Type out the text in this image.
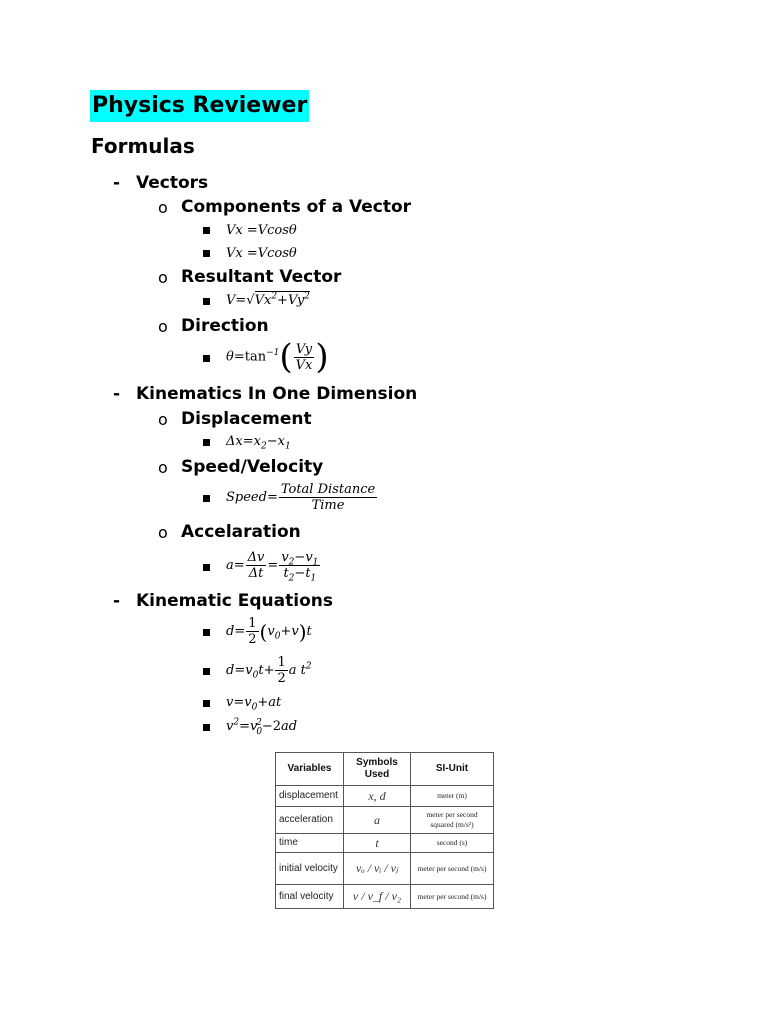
Physics Reviewer
Formulas
- Vectors
o Components of a Vector
Vx =Vcosθ
Vx =Vcosθ
o Resultant Vector
$V=√Vx^2+Vy^2$
o Direction
$\theta=\tan^{-1}( \frac{Vy}{Vx}$ )
- Kinematics In One Dimension
o Displacement
$\Delta x=x_2-x_1$
o Speed/Velocity
Speed= $\frac{\text{Total Distance}}{\text{Time}}$
o Accelaration
$a= \frac{\Delta v}{\Delta t} = \frac{v_2-v_1}{t_2-t_1}$
- Kinematic Equations
$d= \frac{1}{2} (v_0+v)t$
$d=v_0t+ \frac{1}{2}$ a $t^2$
$v=v_0+at$
$v^2=v_0^2-2ad$
Variables	Symbols Used	SI-Unit
displacement	x, d	meter (m)
acceleration	a	meter per second squared (m/s²)
time	t	second (s)
initial velocity	vₒ / vᵢ / vⱼ	meter per second (m/s)
final velocity	v / v_f / v₂	meter per second (m/s)
